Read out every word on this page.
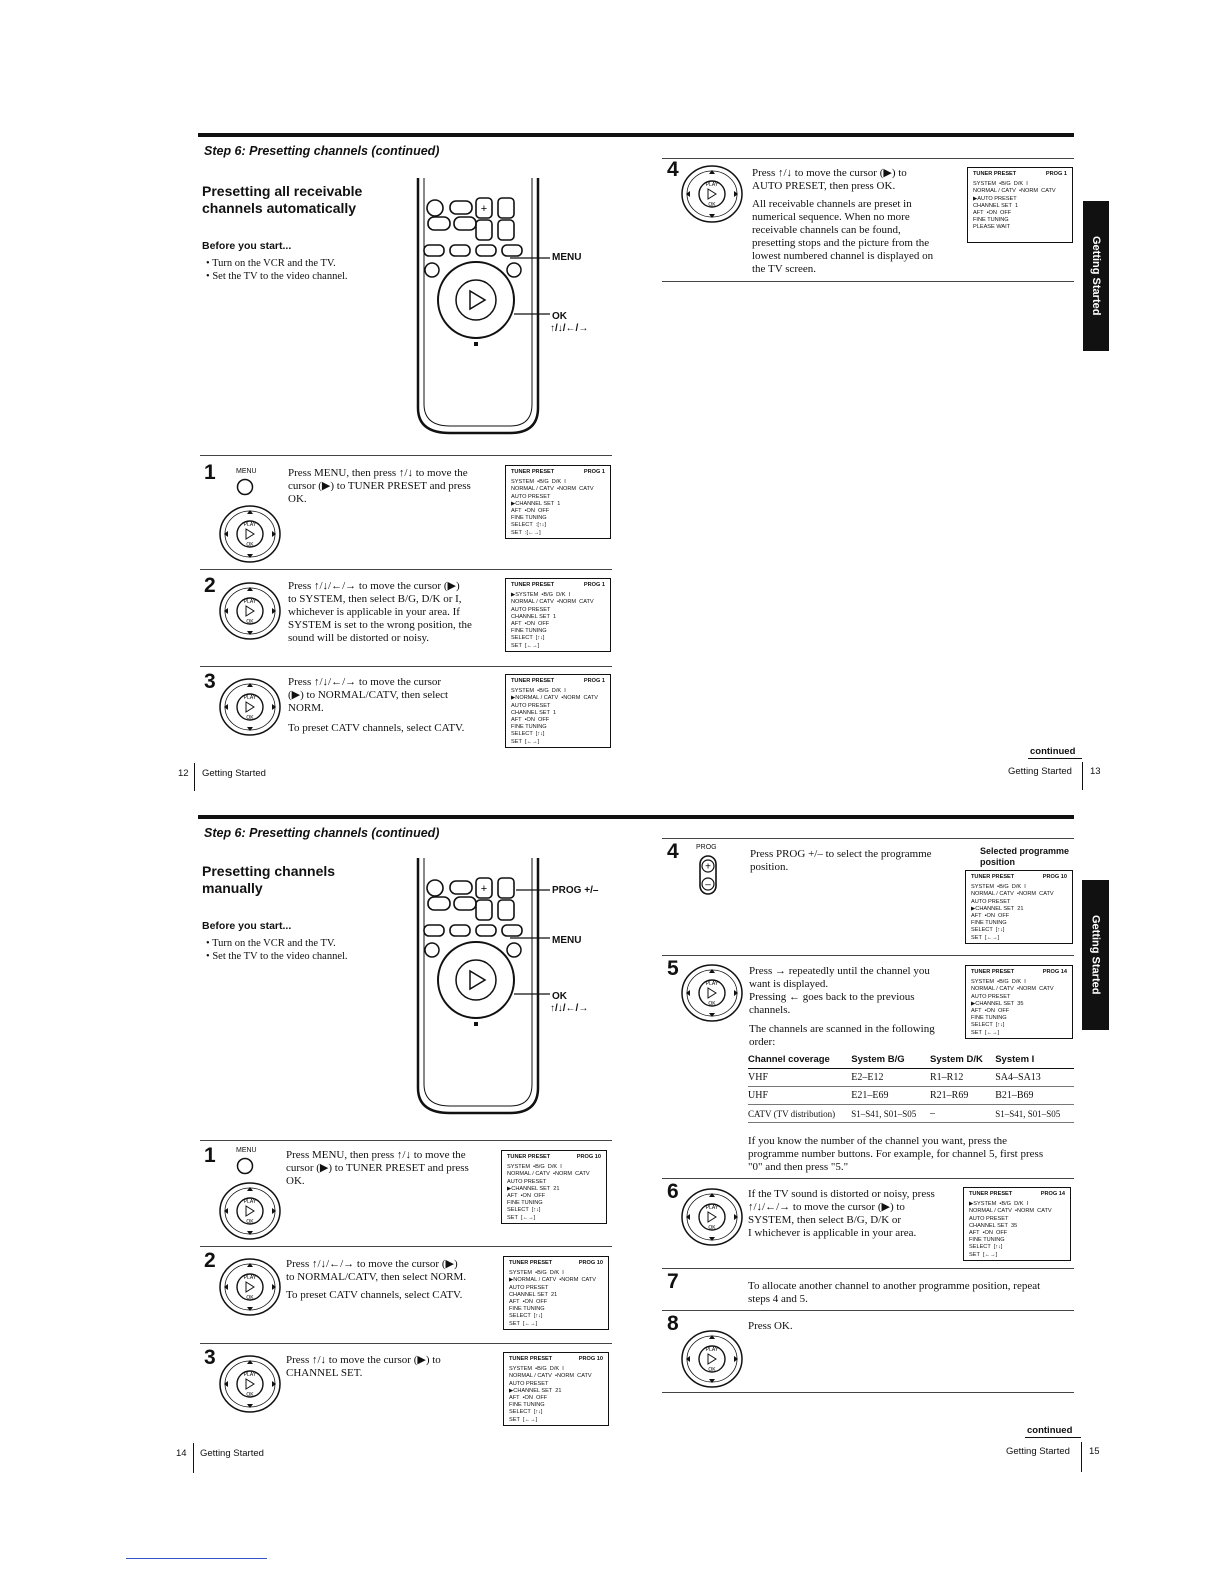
Step 6: Presetting channels (continued)
Presetting all receivable
channels automatically
Before you start...
• Turn on the VCR and the TV.
• Set the TV to the video channel.
+
MENU
OK
↑/↓/←/→
1	MENU
PLAY
OK
Press MENU, then press ↑/↓ to move the
cursor (▶) to TUNER PRESET and press
OK.
TUNER PRESET	PROG 1
SYSTEM  •B/G  D/K  I
NORMAL / CATV  •NORM  CATV
AUTO PRESET
▶CHANNEL SET  1
AFT  •ON  OFF
FINE TUNING
SELECT  :[↑↓]
SET  :[←→]
2
PLAY
OK
Press ↑/↓/←/→ to move the cursor (▶)
to SYSTEM, then select B/G, D/K or I,
whichever is applicable in your area. If
SYSTEM is set to the wrong position, the
sound will be distorted or noisy.
TUNER PRESET	PROG 1
▶SYSTEM  •B/G  D/K  I
NORMAL / CATV  •NORM  CATV
AUTO PRESET
CHANNEL SET  1
AFT  •ON  OFF
FINE TUNING
SELECT  [↑↓]
SET  [←→]
3
PLAY
OK
Press ↑/↓/←/→ to move the cursor
(▶) to NORMAL/CATV, then select
NORM.
To preset CATV channels, select CATV.
TUNER PRESET	PROG 1
SYSTEM  •B/G  D/K  I
▶NORMAL / CATV  •NORM  CATV
AUTO PRESET
CHANNEL SET  1
AFT  •ON  OFF
FINE TUNING
SELECT  [↑↓]
SET  [←→]
4
PLAY
OK
Press ↑/↓ to move the cursor (▶) to
AUTO PRESET, then press OK.
All receivable channels are preset in
numerical sequence. When no more
receivable channels can be found,
presetting stops and the picture from the
lowest numbered channel is displayed on
the TV screen.
TUNER PRESET	PROG 1
SYSTEM  •B/G  D/K  I
NORMAL / CATV  •NORM  CATV
▶AUTO PRESET
CHANNEL SET  1
AFT  •ON  OFF
FINE TUNING
PLEASE WAIT
Getting Started
continued
12 Getting Started	Getting Started 13
Step 6: Presetting channels (continued)
Presetting channels
manually
Before you start...
• Turn on the VCR and the TV.
• Set the TV to the video channel.
+	PROG +/–
MENU
OK
↑/↓/←/→
1	MENU
PLAY
OK
Press MENU, then press ↑/↓ to move the
cursor (▶) to TUNER PRESET and press
OK.
TUNER PRESET	PROG 10
SYSTEM  •B/G  D/K  I
NORMAL / CATV  •NORM  CATV
AUTO PRESET
▶CHANNEL SET  21
AFT  •ON  OFF
FINE TUNING
SELECT  [↑↓]
SET  [←→]
2
PLAY
OK
Press ↑/↓/←/→ to move the cursor (▶)
to NORMAL/CATV, then select NORM.
To preset CATV channels, select CATV.
TUNER PRESET	PROG 10
SYSTEM  •B/G  D/K  I
▶NORMAL / CATV  •NORM  CATV
AUTO PRESET
CHANNEL SET  21
AFT  •ON  OFF
FINE TUNING
SELECT  [↑↓]
SET  [←→]
3
PLAY
OK
Press ↑/↓ to move the cursor (▶) to
CHANNEL SET.
TUNER PRESET	PROG 10
SYSTEM  •B/G  D/K  I
NORMAL / CATV  •NORM  CATV
AUTO PRESET
▶CHANNEL SET  21
AFT  •ON  OFF
FINE TUNING
SELECT  [↑↓]
SET  [←→]
4 PROG
+
–
Press PROG +/– to select the programme
position.
Selected programme
position
TUNER PRESET	PROG 10
SYSTEM  •B/G  D/K  I
NORMAL / CATV  •NORM  CATV
AUTO PRESET
▶CHANNEL SET  21
AFT  •ON  OFF
FINE TUNING
SELECT  [↑↓]
SET  [←→]
5
PLAY
OK
Press → repeatedly until the channel you
want is displayed.
Pressing ← goes back to the previous
channels.
The channels are scanned in the following
order:
TUNER PRESET	PROG 14
SYSTEM  •B/G  D/K  I
NORMAL / CATV  •NORM  CATV
AUTO PRESET
▶CHANNEL SET  35
AFT  •ON  OFF
FINE TUNING
SELECT  [↑↓]
SET  [←→]
Channel coverage	System B/G	System D/K	System I
VHF	E2–E12	R1–R12	SA4–SA13
UHF	E21–E69	R21–R69	B21–B69
CATV (TV distribution)	S1–S41, S01–S05	–	S1–S41, S01–S05
If you know the number of the channel you want, press the
programme number buttons. For example, for channel 5, first press
"0" and then press "5."
6
PLAY
OK
If the TV sound is distorted or noisy, press
↑/↓/←/→ to move the cursor (▶) to
SYSTEM, then select B/G, D/K or
I whichever is applicable in your area.
TUNER PRESET	PROG 14
▶SYSTEM  •B/G  D/K  I
NORMAL / CATV  •NORM  CATV
AUTO PRESET
CHANNEL SET  35
AFT  •ON  OFF
FINE TUNING
SELECT  [↑↓]
SET  [←→]
7	To allocate another channel to another programme position, repeat
steps 4 and 5.
8
PLAY
OK
Press OK.
Getting Started
continued
14 Getting Started	Getting Started 15
